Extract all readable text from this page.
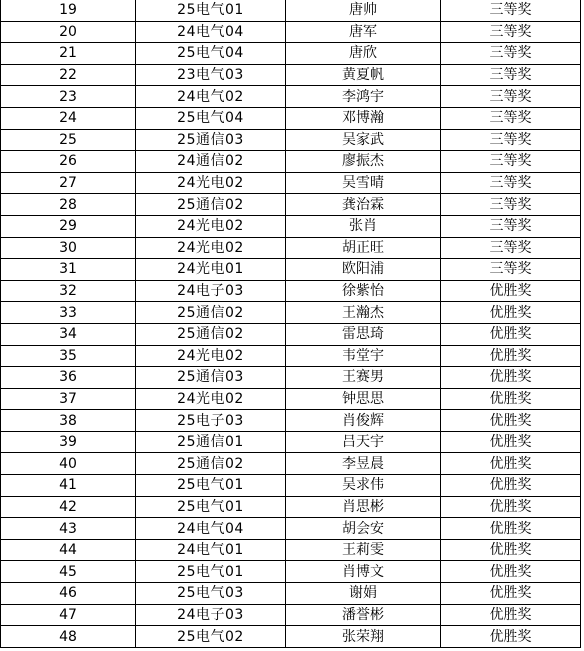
19	25电气01	唐帅	三等奖
20	24电气04	唐军	三等奖
21	25电气04	唐欣	三等奖
22	23电气03	黄夏帆	三等奖
23	24电气02	李鸿宇	三等奖
24	25电气04	邓博瀚	三等奖
25	25通信03	吴家武	三等奖
26	24通信02	廖振杰	三等奖
27	24光电02	吴雪晴	三等奖
28	25通信02	龚治霖	三等奖
29	24光电02	张肖	三等奖
30	24光电02	胡正旺	三等奖
31	24光电01	欧阳浦	三等奖
32	24电子03	徐紫怡	优胜奖
33	25通信02	王瀚杰	优胜奖
34	25通信02	雷思琦	优胜奖
35	24光电02	韦堂宇	优胜奖
36	25通信03	王赛男	优胜奖
37	24光电02	钟思思	优胜奖
38	25电子03	肖俊辉	优胜奖
39	25通信01	吕天宇	优胜奖
40	25通信02	李昱晨	优胜奖
41	25电气01	吴求伟	优胜奖
42	25电气01	肖思彬	优胜奖
43	24电气04	胡会安	优胜奖
44	24电气01	王莉雯	优胜奖
45	25电气01	肖博文	优胜奖
46	25电气03	谢娟	优胜奖
47	24电子03	潘誉彬	优胜奖
48	25电气02	张荣翔	优胜奖
